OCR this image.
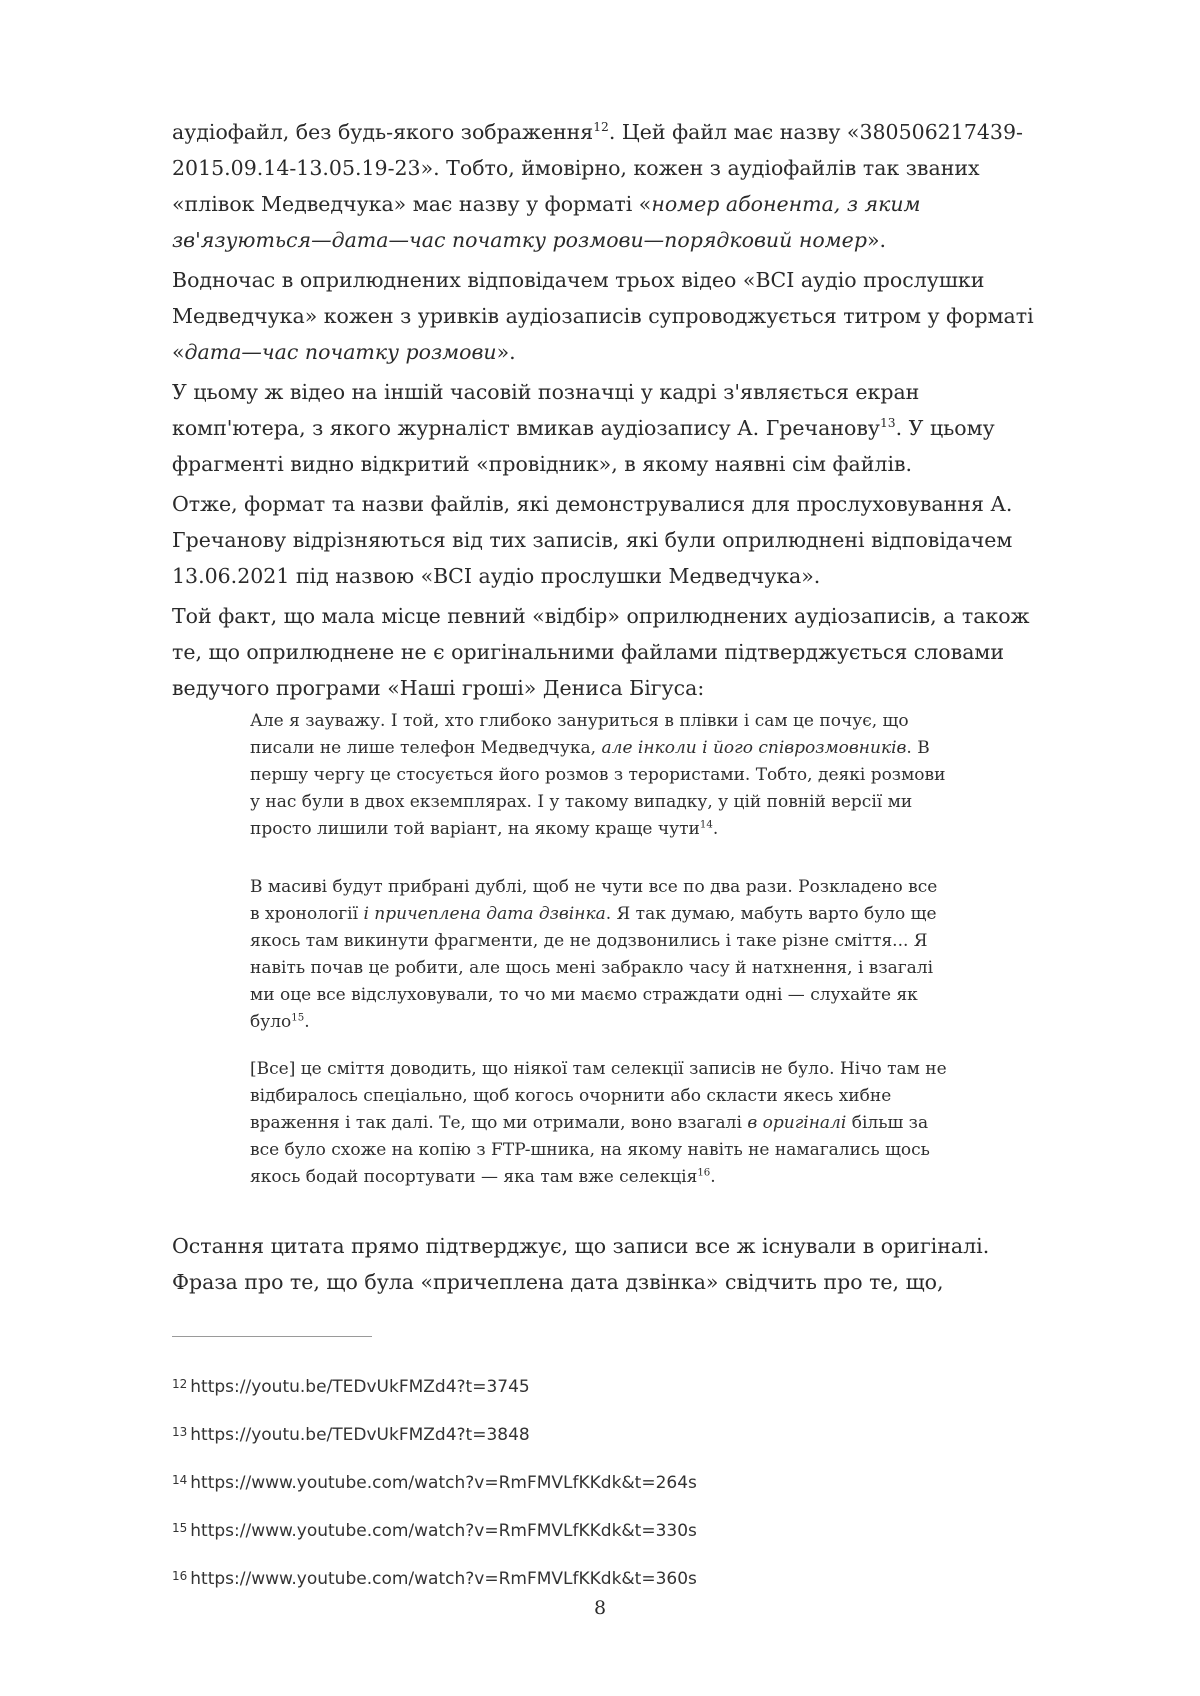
аудіофайл, без будь-якого зображення$^{12}$. Цей файл має назву «380506217439-2015.09.14-13.05.19-23». Тобто, ймовірно, кожен з аудіофайлів так званих «плівок Медведчука» має назву у форматі «номер абонента, з яким зв'язуються—дата—час початку розмови—порядковий номер».

Водночас в оприлюднених відповідачем трьох відео «ВСІ аудіо прослушки Медведчука» кожен з уривків аудіозаписів супроводжується титром у форматі «дата—час початку розмови».

У цьому ж відео на іншій часовій позначці у кадрі з'являється екран комп'ютера, з якого журналіст вмикав аудіозапису А. Гречанову$^{13}$. У цьому фрагменті видно відкритий «провідник», в якому наявні сім файлів.

Отже, формат та назви файлів, які демонструвалися для прослуховування А. Гречанову відрізняються від тих записів, які були оприлюднені відповідачем 13.06.2021 під назвою «ВСІ аудіо прослушки Медведчука».

Той факт, що мала місце певний «відбір» оприлюднених аудіозаписів, а також те, що оприлюднене не є оригінальними файлами підтверджується словами ведучого програми «Наші гроші» Дениса Бігуса:

Але я зауважу. І той, хто глибоко зануриться в плівки і сам це почує, що писали не лише телефон Медведчука, але інколи і його співрозмовників. В першу чергу це стосується його розмов з терористами. Тобто, деякі розмови у нас були в двох екземплярах. І у такому випадку, у цій повній версії ми просто лишили той варіант, на якому краще чути$^{14}$.

В масиві будут прибрані дублі, щоб не чути все по два рази. Розкладено все в хронології і причеплена дата дзвінка. Я так думаю, мабуть варто було ще якось там викинути фрагменти, де не додзвонились і таке різне сміття... Я навіть почав це робити, але щось мені забракло часу й натхнення, і взагалі ми оце все відслуховували, то чо ми маємо страждати одні — слухайте як було$^{15}$.

[Все] це сміття доводить, що ніякої там селекції записів не було. Нічо там не відбиралось спеціально, щоб когось очорнити або скласти якесь хибне враження і так далі. Те, що ми отримали, воно взагалі в оригіналі більш за все було схоже на копію з FTP-шника, на якому навіть не намагались щось якось бодай посортувати — яка там вже селекція$^{16}$.

Остання цитата прямо підтверджує, що записи все ж існували в оригіналі. Фраза про те, що була «причеплена дата дзвінка» свідчить про те, що,

$^{12}$ https://youtu.be/TEDvUkFMZd4?t=3745
$^{13}$ https://youtu.be/TEDvUkFMZd4?t=3848
$^{14}$ https://www.youtube.com/watch?v=RmFMVLfKKdk&t=264s
$^{15}$ https://www.youtube.com/watch?v=RmFMVLfKKdk&t=330s
$^{16}$ https://www.youtube.com/watch?v=RmFMVLfKKdk&t=360s
8
